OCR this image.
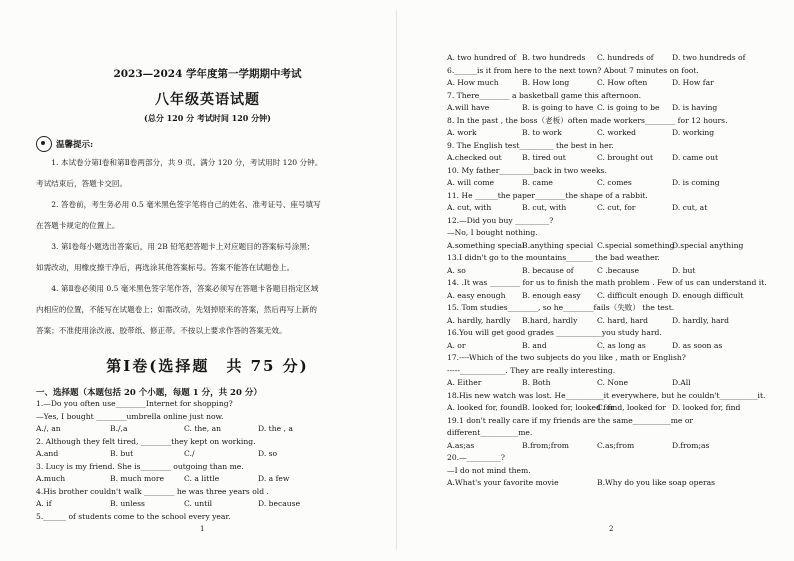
2023—2024 学年度第一学期期中考试
八年级英语试题
(总分 120 分 考试时间 120 分钟)
温馨提示:

1. 本试卷分第Ⅰ卷和第Ⅱ卷两部分，共 9 页。满分 120 分，考试用时 120 分钟。

考试结束后，答题卡交回。

2. 答卷前，考生务必用 0.5 毫米黑色签字笔将自己的姓名、准考证号、座号填写

在答题卡规定的位置上。

3. 第Ⅰ卷每小题选出答案后，用 2B 铅笔把答题卡上对应题目的答案标号涂黑；

如需改动，用橡皮擦干净后，再选涂其他答案标号。答案不能答在试题卷上。

4. 第Ⅱ卷必须用 0.5 毫米黑色签字笔作答，答案必须写在答题卡各题目指定区域

内相应的位置，不能写在试题卷上；如需改动，先划掉原来的答案，然后再写上新的

答案；不准使用涂改液、胶带纸、修正带。不按以上要求作答的答案无效。

第Ⅰ卷(选择题　共 75 分)
一、选择题（本题包括 20 个小题，每题 1 分，共 20 分）
1.—Do you often use________Internet for shopping?
—Yes, I bought ________umbrella online just now.
A./, an	B./,a	C. the, an	D. the , a
2. Although they felt tired, ________they kept on working.
A.and	B. but	C./	D. so
3. Lucy is my friend. She is________ outgoing than me.
A.much	B. much more	C. a little	D. a few
4.His brother couldn't walk ________ he was three years old .
A. if	B. unless	C. until	D. because
5.______ of students come to the school every year.
1
A. two hundred of B. two hundreds C. hundreds of D. two hundreds of
6.______is it from here to the next town? About 7 minutes on foot.
A. How much	B. How long	C. How often	D. How far
7. There________ a basketball game this afternoon.
A.will have	B. is going to have C. is going to be D. is having
8. In the past , the boss（老板）often made workers________ for 12 hours.
A. work	B. to work	C. worked	D. working
9. The English test_________ the best in her.
A.checked out	B. tired out	C. brought out D. came out
10. My father_________back in two weeks.
A. will come	B. came	C. comes	D. is coming
11. He ______the paper________the shape of a rabbit.
A. cut, with	B. cut, with	C. cut, for	D. cut, at
12.—Did you buy _________?
—No, I bought nothing.
A.something specialB.anything special C.special somethingD.special anything
13.I didn't go to the mountains_______ the bad weather.
A. so	B. because of	C .because	D. but
14. .It was ________ for us to finish the math problem . Few of us can understand it.
A. easy enough B. enough easy C. difficult enough D. enough difficult
15. Tom studies________, so he________fails（失败） the test.
A. hardly, hardly B.hard, hardly	C. hard, hard	D. hardly, hard
16.You will get good grades ____________you study hard.
A. or	B. and	C. as long as	D. as soon as
17.----Which of the two subjects do you like , math or English?
-----____________. They are really interesting.
A. Either	B. Both	C. None	D.All
18.His new watch was lost. He__________it everywhere, but he couldn't__________it.
A. looked for, foundB. looked for, looked forC. find, looked for D. looked for, find
19.1 don't really care if my friends are the same__________me or
different__________me.
A.as;as	B.from;from	C.as;from	D.from;as
20.—_________?
—I do not mind them.
A.What's your favorite movie	B.Why do you like soap operas
2
